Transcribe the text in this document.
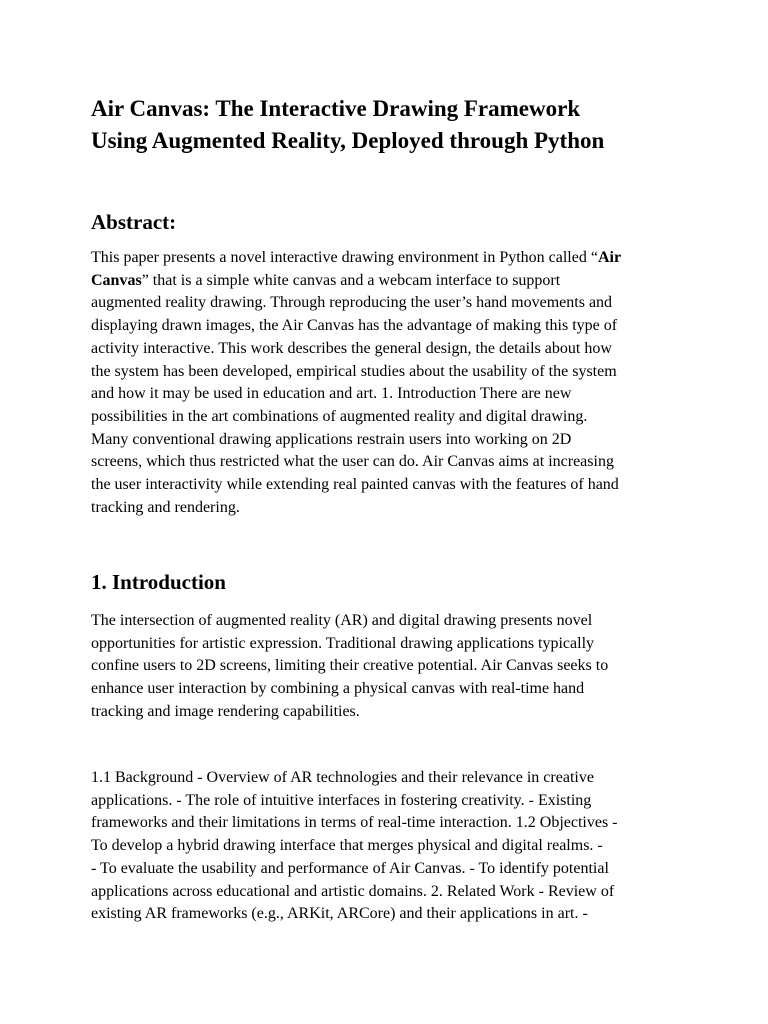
Air Canvas: The Interactive Drawing Framework
Using Augmented Reality, Deployed through Python
Abstract:
This paper presents a novel interactive drawing environment in Python called “Air
Canvas” that is a simple white canvas and a webcam interface to support
augmented reality drawing. Through reproducing the user’s hand movements and
displaying drawn images, the Air Canvas has the advantage of making this type of
activity interactive. This work describes the general design, the details about how
the system has been developed, empirical studies about the usability of the system
and how it may be used in education and art. 1. Introduction There are new
possibilities in the art combinations of augmented reality and digital drawing.
Many conventional drawing applications restrain users into working on 2D
screens, which thus restricted what the user can do. Air Canvas aims at increasing
the user interactivity while extending real painted canvas with the features of hand
tracking and rendering.
1. Introduction
The intersection of augmented reality (AR) and digital drawing presents novel
opportunities for artistic expression. Traditional drawing applications typically
confine users to 2D screens, limiting their creative potential. Air Canvas seeks to
enhance user interaction by combining a physical canvas with real-time hand
tracking and image rendering capabilities.
1.1 Background - Overview of AR technologies and their relevance in creative
applications. - The role of intuitive interfaces in fostering creativity. - Existing
frameworks and their limitations in terms of real-time interaction. 1.2 Objectives -
To develop a hybrid drawing interface that merges physical and digital realms. -
- To evaluate the usability and performance of Air Canvas. - To identify potential
applications across educational and artistic domains. 2. Related Work - Review of
existing AR frameworks (e.g., ARKit, ARCore) and their applications in art. -
